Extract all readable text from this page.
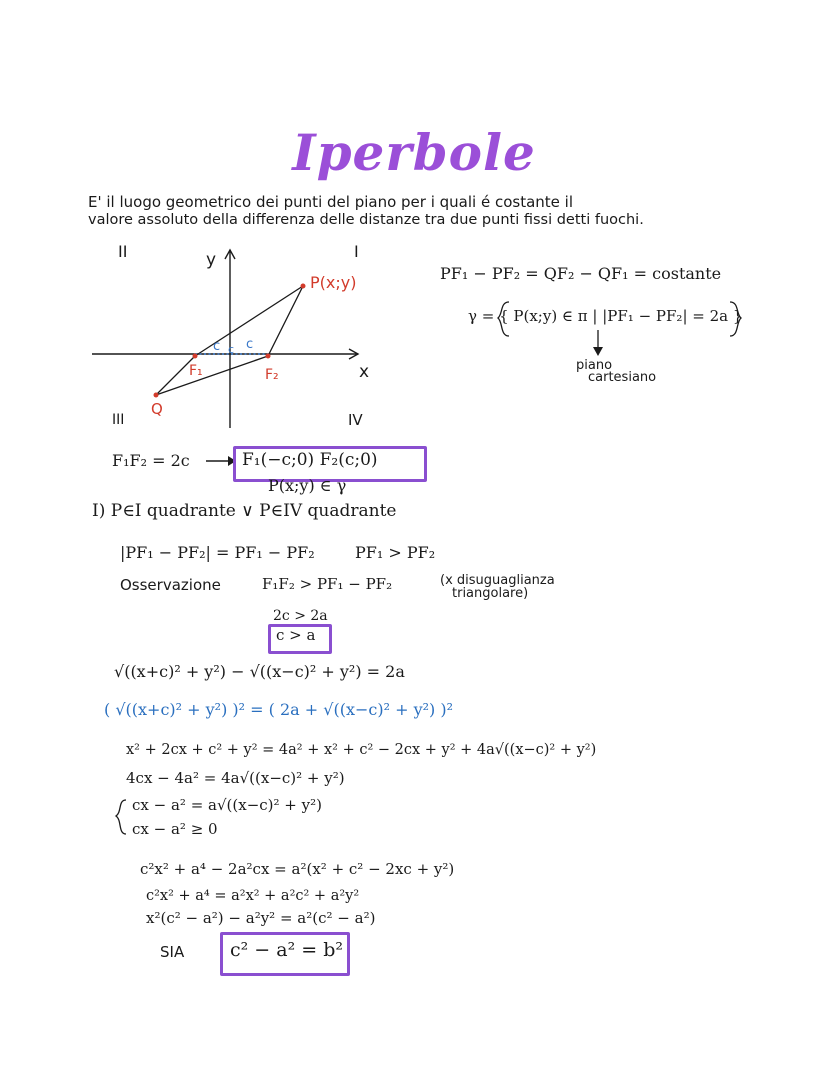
Iperbole
E' il luogo geometrico dei punti del piano per i quali é costante il
valore assoluto della differenza delle distanze tra due punti fissi detti fuochi.
II	I
III	IV
y
x
P(x;y)
Q
F₁	F₂
c c
c
PF₁ − PF₂ = QF₂ − QF₁ = costante
γ = { P(x;y) ∈ π | |PF₁ − PF₂| = 2a }
piano
cartesiano
F₁F₂ = 2c	F₁(−c;0) F₂(c;0)
P(x;y) ∈ γ
I) P∈I quadrante ∨ P∈IV quadrante
|PF₁ − PF₂| = PF₁ − PF₂	PF₁ > PF₂
Osservazione	F₁F₂ > PF₁ − PF₂	(x disuguaglianza
triangolare)
2c > 2a
c > a
√((x+c)² + y²) − √((x−c)² + y²) = 2a
( √((x+c)² + y²) )² = ( 2a + √((x−c)² + y²) )²
x² + 2cx + c² + y² = 4a² + x² + c² − 2cx + y² + 4a√((x−c)² + y²)
4cx − 4a² = 4a√((x−c)² + y²)
cx − a² = a√((x−c)² + y²)
cx − a² ≥ 0
c²x² + a⁴ − 2a²cx = a²(x² + c² − 2xc + y²)
c²x² + a⁴ = a²x² + a²c² + a²y²
x²(c² − a²) − a²y² = a²(c² − a²)
SIA c² − a² = b²
